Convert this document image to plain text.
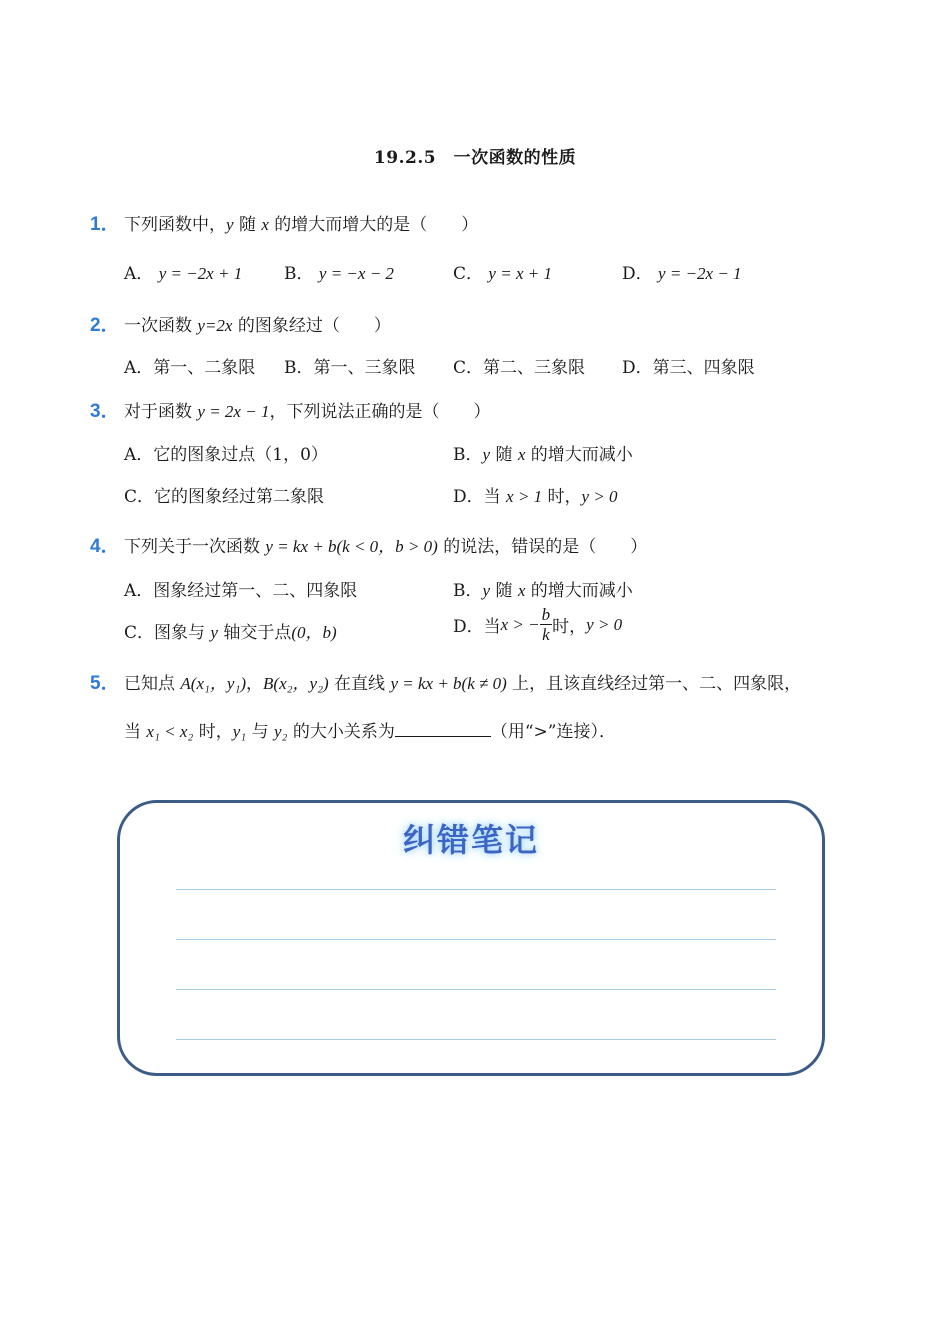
19.2.5　一次函数的性质
1． 下列函数中，y 随 x 的增大而增大的是（　　）
A． y = −2x + 1 B． y = −x − 2	C． y = x + 1	D． y = −2x − 1
2． 一次函数 y=2x 的图象经过（　　）
A．第一、二象限 B．第一、三象限 C．第二、三象限 D．第三、四象限
3． 对于函数 y = 2x − 1，下列说法正确的是（　　）
A．它的图象过点（1，0）	B．y 随 x 的增大而减小
C．它的图象经过第二象限	D．当 x > 1 时，y > 0
4． 下列关于一次函数 y = kx + b(k < 0，b > 0) 的说法，错误的是（　　）
A．图象经过第一、二、四象限	B．y 随 x 的增大而减小
C．图象与 y 轴交于点(0，b)	D．当x > − $\frac{b}{k}$ 时，y > 0
5． 已知点 A(x₁，y₁)，B(x₂，y₂) 在直线 y = kx + b(k ≠ 0) 上，且该直线经过第一、二、四象限，
当 x₁ < x₂ 时，y₁ 与 y₂ 的大小关系为	（用“>”连接）．
纠错笔记
